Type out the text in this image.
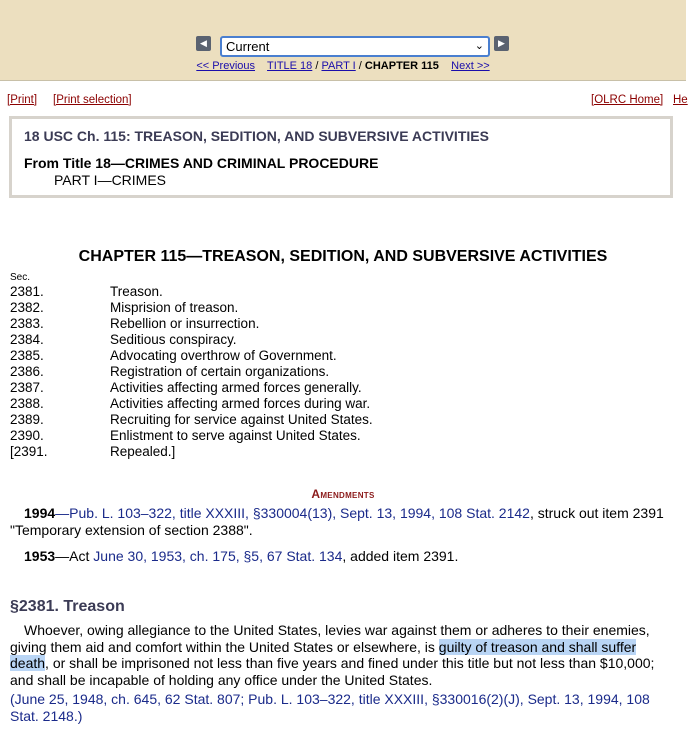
◀	Current	⌄	▶
<< Previous TITLE 18 / PART I / CHAPTER 115 Next >>
[Print] [Print selection]	[OLRC Home] He
18 USC Ch. 115: TREASON, SEDITION, AND SUBVERSIVE ACTIVITIES
From Title 18—CRIMES AND CRIMINAL PROCEDURE
PART I—CRIMES
CHAPTER 115—TREASON, SEDITION, AND SUBVERSIVE ACTIVITIES
Sec.
2381.	Treason.
2382.	Misprision of treason.
2383.	Rebellion or insurrection.
2384.	Seditious conspiracy.
2385.	Advocating overthrow of Government.
2386.	Registration of certain organizations.
2387.	Activities affecting armed forces generally.
2388.	Activities affecting armed forces during war.
2389.	Recruiting for service against United States.
2390.	Enlistment to serve against United States.
[2391.	Repealed.]
Amendments
1994—Pub. L. 103–322, title XXXIII, §330004(13), Sept. 13, 1994, 108 Stat. 2142, struck out item 2391 "Temporary extension of section 2388".
1953—Act June 30, 1953, ch. 175, §5, 67 Stat. 134, added item 2391.
§2381. Treason
Whoever, owing allegiance to the United States, levies war against them or adheres to their enemies, giving them aid and comfort within the United States or elsewhere, is guilty of treason and shall suffer death, or shall be imprisoned not less than five years and fined under this title but not less than $10,000; and shall be incapable of holding any office under the United States.
(June 25, 1948, ch. 645, 62 Stat. 807; Pub. L. 103–322, title XXXIII, §330016(2)(J), Sept. 13, 1994, 108 Stat. 2148.)
